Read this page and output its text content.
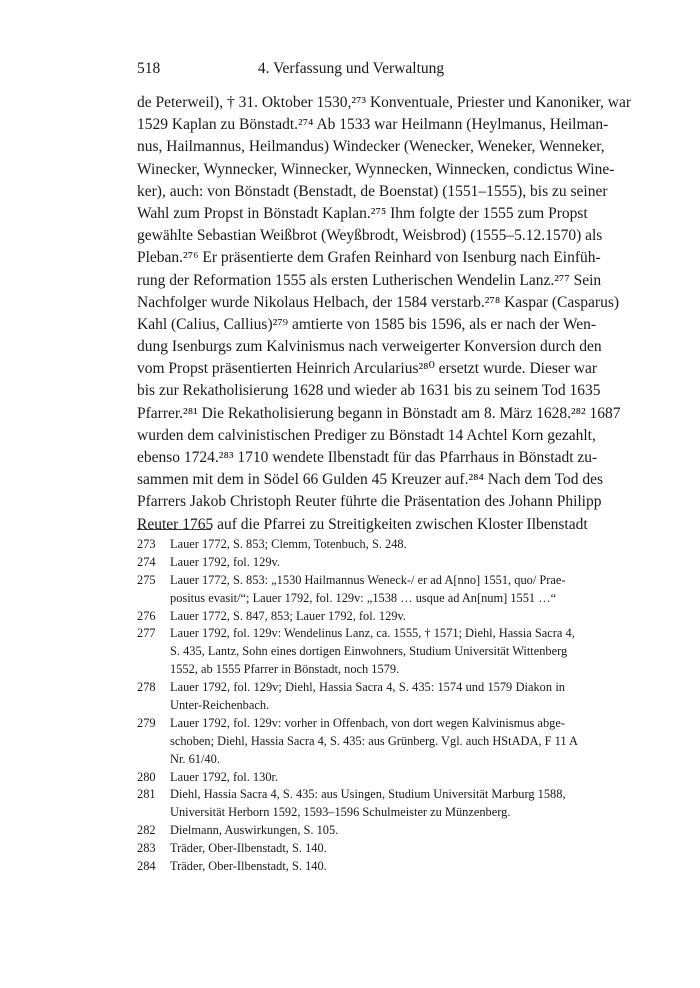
518	4. Verfassung und Verwaltung
de Peterweil), † 31. Oktober 1530,²⁷³ Konventuale, Priester und Kanoniker, war
1529 Kaplan zu Bönstadt.²⁷⁴ Ab 1533 war Heilmann (Heylmanus, Heilman-
nus, Hailmannus, Heilmandus) Windecker (Wenecker, Weneker, Wenneker,
Winecker, Wynnecker, Winnecker, Wynnecken, Winnecken, condictus Wine-
ker), auch: von Bönstadt (Benstadt, de Boenstat) (1551–1555), bis zu seiner
Wahl zum Propst in Bönstadt Kaplan.²⁷⁵ Ihm folgte der 1555 zum Propst
gewählte Sebastian Weißbrot (Weyßbrodt, Weisbrod) (1555–5.12.1570) als
Pleban.²⁷⁶ Er präsentierte dem Grafen Reinhard von Isenburg nach Einfüh-
rung der Reformation 1555 als ersten Lutherischen Wendelin Lanz.²⁷⁷ Sein
Nachfolger wurde Nikolaus Helbach, der 1584 verstarb.²⁷⁸ Kaspar (Casparus)
Kahl (Calius, Callius)²⁷⁹ amtierte von 1585 bis 1596, als er nach der Wen-
dung Isenburgs zum Kalvinismus nach verweigerter Konversion durch den
vom Propst präsentierten Heinrich Arcularius²⁸⁰ ersetzt wurde. Dieser war
bis zur Rekatholisierung 1628 und wieder ab 1631 bis zu seinem Tod 1635
Pfarrer.²⁸¹ Die Rekatholisierung begann in Bönstadt am 8. März 1628.²⁸² 1687
wurden dem calvinistischen Prediger zu Bönstadt 14 Achtel Korn gezahlt,
ebenso 1724.²⁸³ 1710 wendete Ilbenstadt für das Pfarrhaus in Bönstadt zu-
sammen mit dem in Södel 66 Gulden 45 Kreuzer auf.²⁸⁴ Nach dem Tod des
Pfarrers Jakob Christoph Reuter führte die Präsentation des Johann Philipp
Reuter 1765 auf die Pfarrei zu Streitigkeiten zwischen Kloster Ilbenstadt
273 Lauer 1772, S. 853; Clemm, Totenbuch, S. 248.
274 Lauer 1792, fol. 129v.
275 Lauer 1772, S. 853: „1530 Hailmannus Weneck-/ er ad A[nno] 1551, quo/ Prae-
positus evasit/“; Lauer 1792, fol. 129v: „1538 … usque ad An[num] 1551 …“
276 Lauer 1772, S. 847, 853; Lauer 1792, fol. 129v.
277 Lauer 1792, fol. 129v: Wendelinus Lanz, ca. 1555, † 1571; Diehl, Hassia Sacra 4,
S. 435, Lantz, Sohn eines dortigen Einwohners, Studium Universität Wittenberg
1552, ab 1555 Pfarrer in Bönstadt, noch 1579.
278 Lauer 1792, fol. 129v; Diehl, Hassia Sacra 4, S. 435: 1574 und 1579 Diakon in
Unter-Reichenbach.
279 Lauer 1792, fol. 129v: vorher in Offenbach, von dort wegen Kalvinismus abge-
schoben; Diehl, Hassia Sacra 4, S. 435: aus Grünberg. Vgl. auch HStADA, F 11 A
Nr. 61/40.
280 Lauer 1792, fol. 130r.
281 Diehl, Hassia Sacra 4, S. 435: aus Usingen, Studium Universität Marburg 1588,
Universität Herborn 1592, 1593–1596 Schulmeister zu Münzenberg.
282 Dielmann, Auswirkungen, S. 105.
283 Träder, Ober-Ilbenstadt, S. 140.
284 Träder, Ober-Ilbenstadt, S. 140.
